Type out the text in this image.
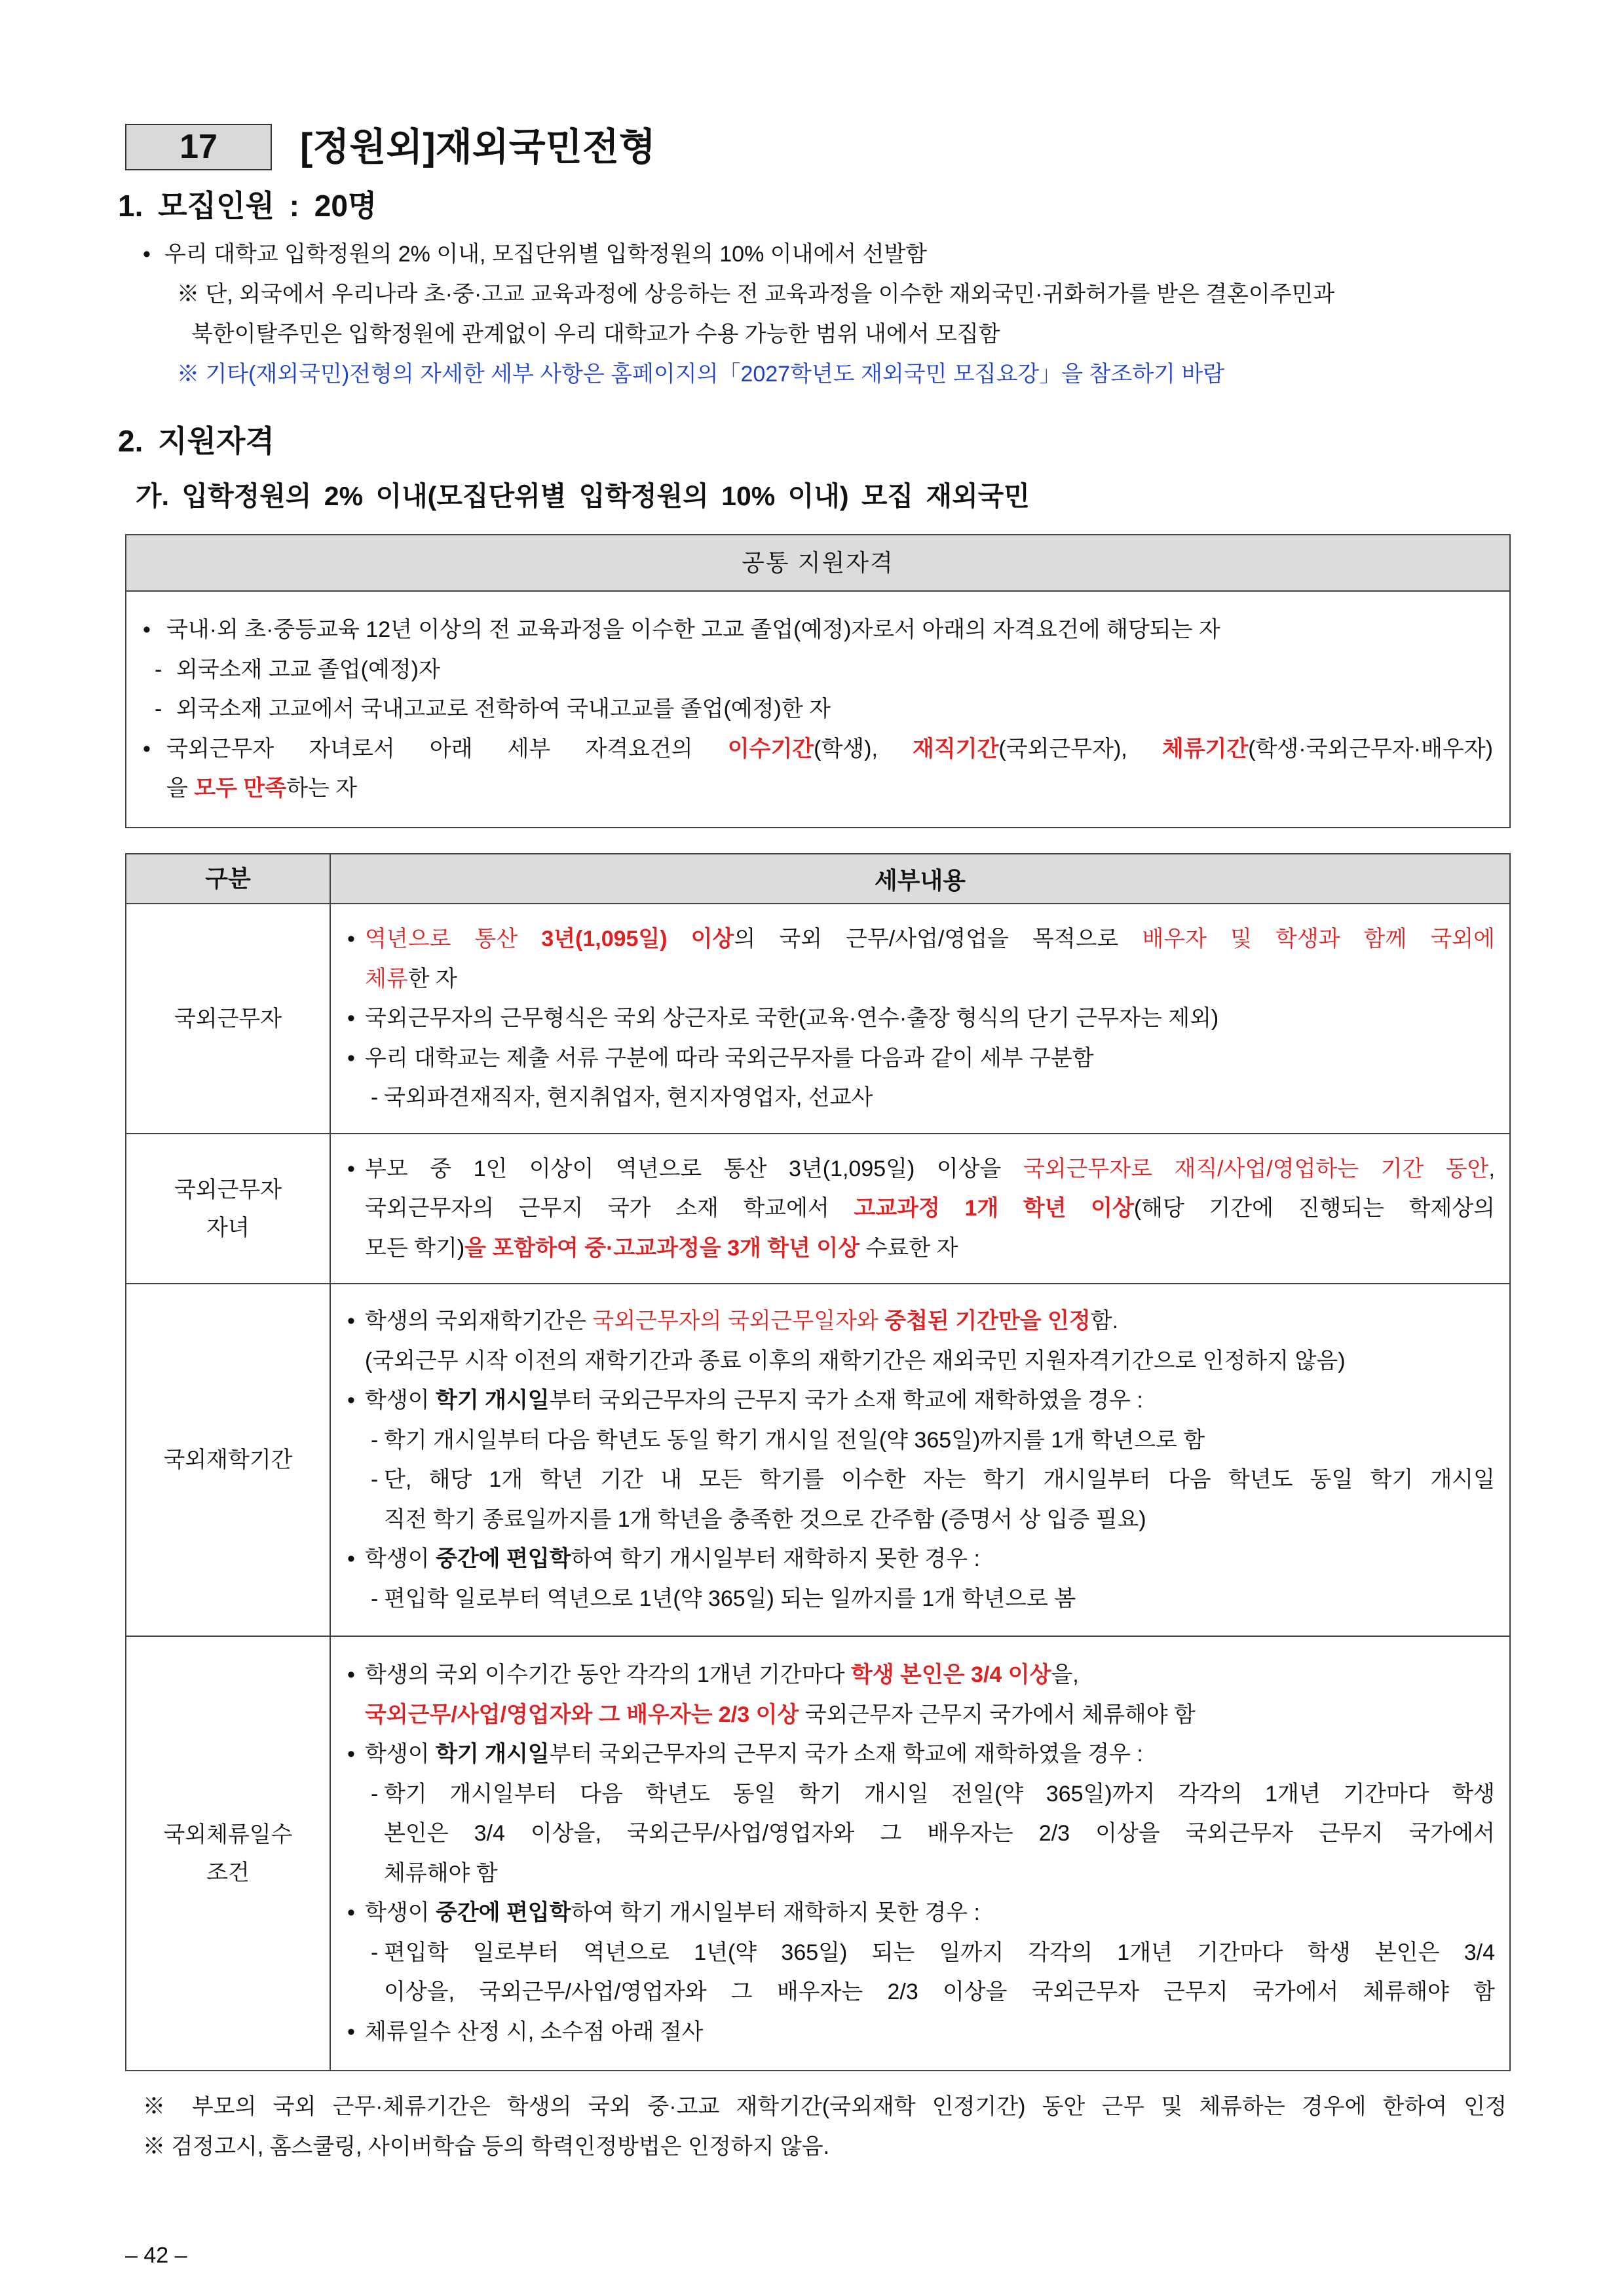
17	[정원외]재외국민전형
1. 모집인원 : 20명
• 우리 대학교 입학정원의 2% 이내, 모집단위별 입학정원의 10% 이내에서 선발함
※ 단, 외국에서 우리나라 초·중·고교 교육과정에 상응하는 전 교육과정을 이수한 재외국민·귀화허가를 받은 결혼이주민과
북한이탈주민은 입학정원에 관계없이 우리 대학교가 수용 가능한 범위 내에서 모집함
※ 기타(재외국민)전형의 자세한 세부 사항은 홈페이지의「2027학년도 재외국민 모집요강」을 참조하기 바람
2. 지원자격
가. 입학정원의 2% 이내(모집단위별 입학정원의 10% 이내) 모집 재외국민
공통 지원자격
• 국내·외 초·중등교육 12년 이상의 전 교육과정을 이수한 고교 졸업(예정)자로서 아래의 자격요건에 해당되는 자
- 외국소재 고교 졸업(예정)자
- 외국소재 고교에서 국내고교로 전학하여 국내고교를 졸업(예정)한 자
• 국외근무자 자녀로서 아래 세부 자격요건의 이수기간(학생), 재직기간(국외근무자), 체류기간(학생·국외근무자·배우자)
을 모두 만족하는 자
구분	세부내용
국외근무자
• 역년으로 통산 3년(1,095일) 이상의 국외 근무/사업/영업을 목적으로 배우자 및 학생과 함께 국외에
체류한 자
• 국외근무자의 근무형식은 국외 상근자로 국한(교육·연수·출장 형식의 단기 근무자는 제외)
• 우리 대학교는 제출 서류 구분에 따라 국외근무자를 다음과 같이 세부 구분함
- 국외파견재직자, 현지취업자, 현지자영업자, 선교사
국외근무자
자녀
• 부모 중 1인 이상이 역년으로 통산 3년(1,095일) 이상을 국외근무자로 재직/사업/영업하는 기간 동안,
국외근무자의 근무지 국가 소재 학교에서 고교과정 1개 학년 이상(해당 기간에 진행되는 학제상의
모든 학기)을 포함하여 중·고교과정을 3개 학년 이상 수료한 자
국외재학기간
• 학생의 국외재학기간은 국외근무자의 국외근무일자와 중첩된 기간만을 인정함.
(국외근무 시작 이전의 재학기간과 종료 이후의 재학기간은 재외국민 지원자격기간으로 인정하지 않음)
• 학생이 학기 개시일부터 국외근무자의 근무지 국가 소재 학교에 재학하였을 경우 :
- 학기 개시일부터 다음 학년도 동일 학기 개시일 전일(약 365일)까지를 1개 학년으로 함
- 단, 해당 1개 학년 기간 내 모든 학기를 이수한 자는 학기 개시일부터 다음 학년도 동일 학기 개시일
직전 학기 종료일까지를 1개 학년을 충족한 것으로 간주함 (증명서 상 입증 필요)
• 학생이 중간에 편입학하여 학기 개시일부터 재학하지 못한 경우 :
- 편입학 일로부터 역년으로 1년(약 365일) 되는 일까지를 1개 학년으로 봄
국외체류일수
조건
• 학생의 국외 이수기간 동안 각각의 1개년 기간마다 학생 본인은 3/4 이상을,
국외근무/사업/영업자와 그 배우자는 2/3 이상 국외근무자 근무지 국가에서 체류해야 함
• 학생이 학기 개시일부터 국외근무자의 근무지 국가 소재 학교에 재학하였을 경우 :
- 학기 개시일부터 다음 학년도 동일 학기 개시일 전일(약 365일)까지 각각의 1개년 기간마다 학생
본인은 3/4 이상을, 국외근무/사업/영업자와 그 배우자는 2/3 이상을 국외근무자 근무지 국가에서
체류해야 함
• 학생이 중간에 편입학하여 학기 개시일부터 재학하지 못한 경우 :
- 편입학 일로부터 역년으로 1년(약 365일) 되는 일까지 각각의 1개년 기간마다 학생 본인은 3/4
이상을, 국외근무/사업/영업자와 그 배우자는 2/3 이상을 국외근무자 근무지 국가에서 체류해야 함
• 체류일수 산정 시, 소수점 아래 절사
※ 부모의 국외 근무·체류기간은 학생의 국외 중·고교 재학기간(국외재학 인정기간) 동안 근무 및 체류하는 경우에 한하여 인정
※ 검정고시, 홈스쿨링, 사이버학습 등의 학력인정방법은 인정하지 않음.
– 42 –
